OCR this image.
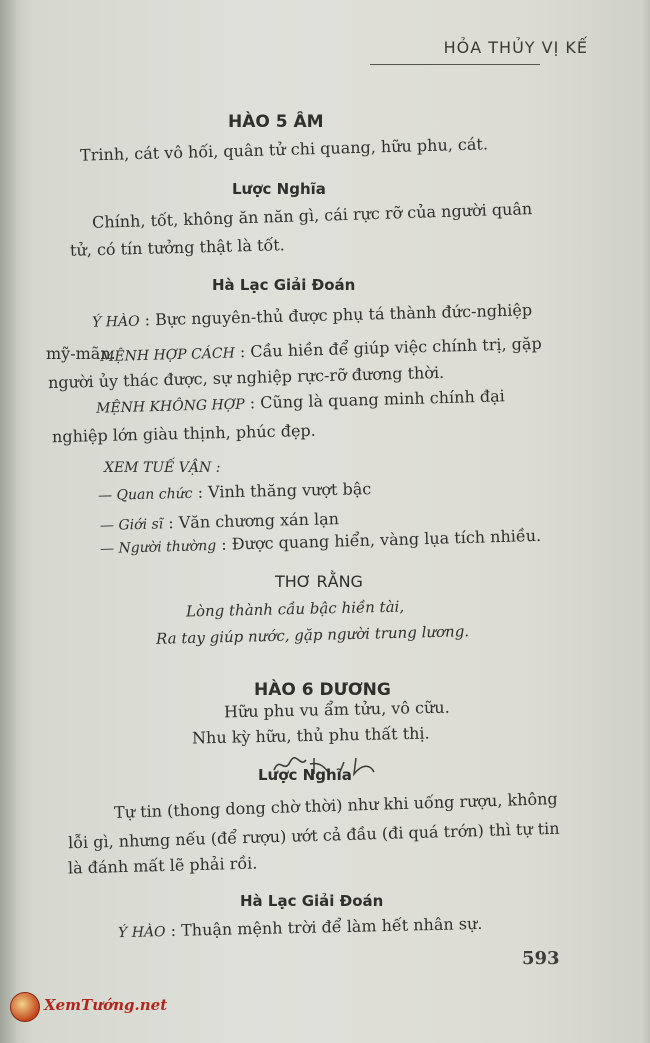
HỎA THỦY VỊ KẾ
HÀO 5 ÂM
Trinh, cát vô hối, quân tử chi quang, hữu phu, cát.
Lược Nghĩa
Chính, tốt, không ăn năn gì, cái rực rỡ của người quân
tử, có tín tưởng thật là tốt.
Hà Lạc Giải Đoán
Ý HÀO : Bực nguyên-thủ được phụ tá thành đức-nghiệp
mỹ-mãn.
MỆNH HỢP CÁCH : Cầu hiền để giúp việc chính trị, gặp
người ủy thác được, sự nghiệp rực-rỡ đương thời.
MỆNH KHÔNG HỢP : Cũng là quang minh chính đại
nghiệp lớn giàu thịnh, phúc đẹp.
XEM TUẾ VẬN :
— Quan chức : Vinh thăng vượt bậc
— Giới sĩ : Văn chương xán lạn
— Người thường : Được quang hiển, vàng lụa tích nhiều.
THƠ RẰNG
Lòng thành cầu bậc hiền tài,
Ra tay giúp nước, gặp người trung lương.
HÀO 6 DƯƠNG
Hữu phu vu ẩm tửu, vô cữu.
Nhu kỳ hữu, thủ phu thất thị.
Lược Nghĩa
Tự tin (thong dong chờ thời) như khi uống rượu, không
lỗi gì, nhưng nếu (để rượu) ướt cả đầu (đi quá trớn) thì tự tin
là đánh mất lẽ phải rồi.
Hà Lạc Giải Đoán
Ý HÀO : Thuận mệnh trời để làm hết nhân sự.
593
XemTướng.net
